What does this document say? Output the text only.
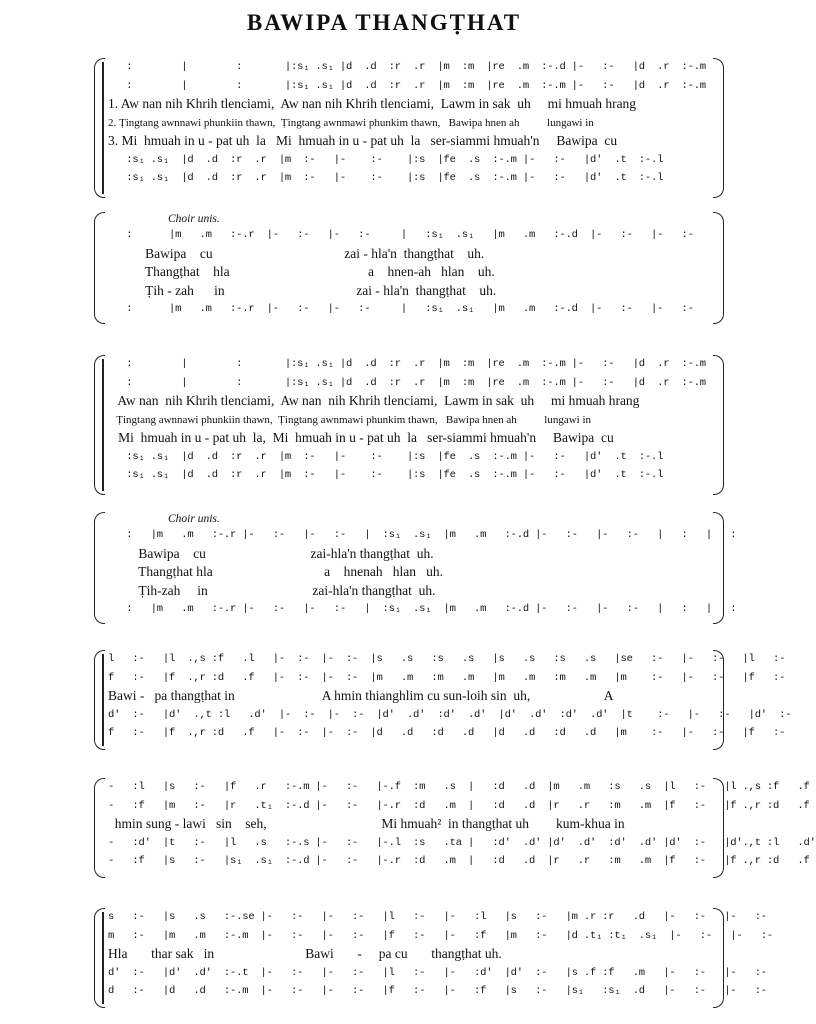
BAWIPA THANGṬHAT
:        |        :       |:s₁ .s₁ |d  .d  :r  .r  |m  :m  |re  .m  :-.d |-   :-   |d  .r  :-.m
:        |        :       |:s₁ .s₁ |d  .d  :r  .r  |m  :m  |re  .m  :-.m |-   :-   |d  .r  :-.m
1. Aw nan nih Khrih tlenciami,  Aw nan nih Khrih tlenciami,  Lawm in sak  uh     mi hmuah hrang
2. Ṭingtang awnnawi phunkiin thawn,  Ṭingtang awnmawi phunkim thawn,   Bawipa hnen ah          lungawi in
3. Mi  hmuah in u - pat uh  la   Mi  hmuah in u - pat uh  la   ser-siammi hmuah'n     Bawipa  cu
:s₁ .s₁  |d  .d  :r  .r  |m  :-   |-    :-    |:s  |fe  .s  :-.m |-   :-   |d'  .t  :-.l
:s₁ .s₁  |d  .d  :r  .r  |m  :-   |-    :-    |:s  |fe  .s  :-.m |-   :-   |d'  .t  :-.l
Choir unis.
:      |m   .m   :-.r  |-   :-   |-   :-     |   :s₁  .s₁   |m   .m   :-.d  |-   :-   |-   :-
Bawipa    cu                                       zai - hla'n  thangṭhat    uh.
Thangṭhat    hla                                         a    hnen-ah   hlan    uh.
Ṭih - zah      in                                       zai - hla'n  thangṭhat    uh.
:      |m   .m   :-.r  |-   :-   |-   :-     |   :s₁  .s₁   |m   .m   :-.d  |-   :-   |-   :-
:        |        :       |:s₁ .s₁ |d  .d  :r  .r  |m  :m  |re  .m  :-.m |-   :-   |d  .r  :-.m
:        |        :       |:s₁ .s₁ |d  .d  :r  .r  |m  :m  |re  .m  :-.m |-   :-   |d  .r  :-.m
Aw nan  nih Khrih tlenciami,  Aw nan  nih Khrih tlenciami,  Lawm in sak  uh     mi hmuah hrang
Ṭingtang awnnawi phunkiin thawn,  Ṭingtang awnmawi phunkim thawn,   Bawipa hnen ah          lungawi in
Mi  hmuah in u - pat uh  la,  Mi  hmuah in u - pat uh  la   ser-siammi hmuah'n     Bawipa  cu
:s₁ .s₁  |d  .d  :r  .r  |m  :-   |-    :-    |:s  |fe  .s  :-.m |-   :-   |d'  .t  :-.l
:s₁ .s₁  |d  .d  :r  .r  |m  :-   |-    :-    |:s  |fe  .s  :-.m |-   :-   |d'  .t  :-.l
Choir unis.
:   |m   .m   :-.r |-   :-   |-   :-   |  :s₁  .s₁  |m   .m   :-.d |-   :-   |-   :-   |   :   |   :
Bawipa    cu                               zai-hla'n thangṭhat  uh.
Thangṭhat hla                                 a    hnenah   hlan   uh.
Ṭih-zah     in                               zai-hla'n thangṭhat  uh.
:   |m   .m   :-.r |-   :-   |-   :-   |  :s₁  .s₁  |m   .m   :-.d |-   :-   |-   :-   |   :   |   :
l   :-   |l  .,s :f   .l   |-  :-  |-  :-  |s   .s   :s   .s   |s   .s   :s   .s   |se   :-   |-   :-   |l   :-
f   :-   |f  .,r :d   .f   |-  :-  |-  :-  |m   .m   :m   .m   |m   .m   :m   .m   |m    :-   |-   :-   |f   :-
Bawi -   pa thangṭhat in                          A hmin thianghlim cu sun-loih sin  uh,                      A
d'  :-   |d'  .,t :l   .d'  |-  :-  |-  :-  |d'  .d'  :d'  .d'  |d'  .d'  :d'  .d'  |t    :-   |-   :-   |d'  :-
f   :-   |f  .,r :d   .f   |-  :-  |-  :-  |d   .d   :d   .d   |d   .d   :d   .d   |m    :-   |-   :-   |f   :-
-   :l   |s   :-   |f   .r   :-.m |-   :-   |-.f  :m   .s  |   :d   .d  |m   .m   :s   .s  |l   :-   |l .,s :f   .f
-   :f   |m   :-   |r   .t₁  :-.d |-   :-   |-.r  :d   .m  |   :d   .d  |r   .r   :m   .m  |f   :-   |f .,r :d   .f
hmin sung - lawi   sin    seh,                                  Mi hmuah²  in thangṭhat uh        kum-khua in
-   :d'  |t   :-   |l   .s   :-.s |-   :-   |-.l  :s   .ta |   :d'  .d' |d'  .d'  :d'  .d' |d'  :-   |d'.,t :l   .d'
-   :f   |s   :-   |s₁  .s₁  :-.d |-   :-   |-.r  :d   .m  |   :d   .d  |r   .r   :m   .m  |f   :-   |f .,r :d   .f
s   :-   |s   .s   :-.se |-   :-   |-   :-   |l   :-   |-   :l   |s   :-   |m .r :r   .d   |-   :-   |-   :-
m   :-   |m   .m   :-.m  |-   :-   |-   :-   |f   :-   |-   :f   |m   :-   |d .t₁ :t₁  .s₁  |-   :-   |-   :-
Hla       thar sak   in                           Bawi       -     pa cu       thangṭhat uh.
d'  :-   |d'  .d'  :-.t  |-   :-   |-   :-   |l   :-   |-   :d'  |d'  :-   |s .f :f   .m   |-   :-   |-   :-
d   :-   |d   .d   :-.m  |-   :-   |-   :-   |f   :-   |-   :f   |s   :-   |s₁   :s₁  .d   |-   :-   |-   :-
